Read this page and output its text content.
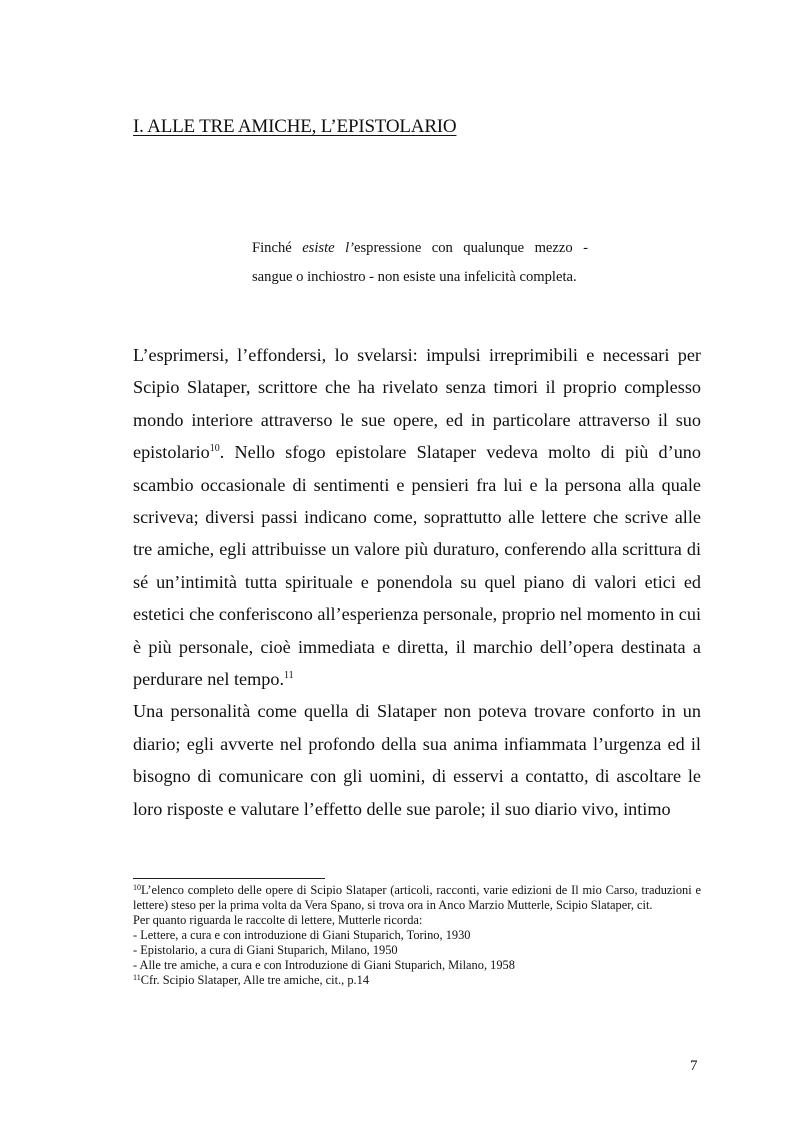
I. ALLE TRE AMICHE, L’EPISTOLARIO
Finché esiste l’espressione con qualunque mezzo - sangue o inchiostro - non esiste una infelicità completa.

L’esprimersi, l’effondersi, lo svelarsi: impulsi irreprimibili e necessari per Scipio Slataper, scrittore che ha rivelato senza timori il proprio complesso mondo interiore attraverso le sue opere, ed in particolare attraverso il suo epistolario$^{10}$. Nello sfogo epistolare Slataper vedeva molto di più d’uno scambio occasionale di sentimenti e pensieri fra lui e la persona alla quale scriveva; diversi passi indicano come, soprattutto alle lettere che scrive alle tre amiche, egli attribuisse un valore più duraturo, conferendo alla scrittura di sé un’intimità tutta spirituale e ponendola su quel piano di valori etici ed estetici che conferiscono all’esperienza personale, proprio nel momento in cui è più personale, cioè immediata e diretta, il marchio dell’opera destinata a perdurare nel tempo.$^{11}$

Una personalità come quella di Slataper non poteva trovare conforto in un diario; egli avverte nel profondo della sua anima infiammata l’urgenza ed il bisogno di comunicare con gli uomini, di esservi a contatto, di ascoltare le loro risposte e valutare l’effetto delle sue parole; il suo diario vivo, intimo

$^{10}$L’elenco completo delle opere di Scipio Slataper (articoli, racconti, varie edizioni de Il mio Carso, traduzioni e lettere) steso per la prima volta da Vera Spano, si trova ora in Anco Marzio Mutterle, Scipio Slataper, cit.
Per quanto riguarda le raccolte di lettere, Mutterle ricorda:
- Lettere, a cura e con introduzione di Giani Stuparich, Torino, 1930
- Epistolario, a cura di Giani Stuparich, Milano, 1950
- Alle tre amiche, a cura e con Introduzione di Giani Stuparich, Milano, 1958
$^{11}$Cfr. Scipio Slataper, Alle tre amiche, cit., p.14
7
